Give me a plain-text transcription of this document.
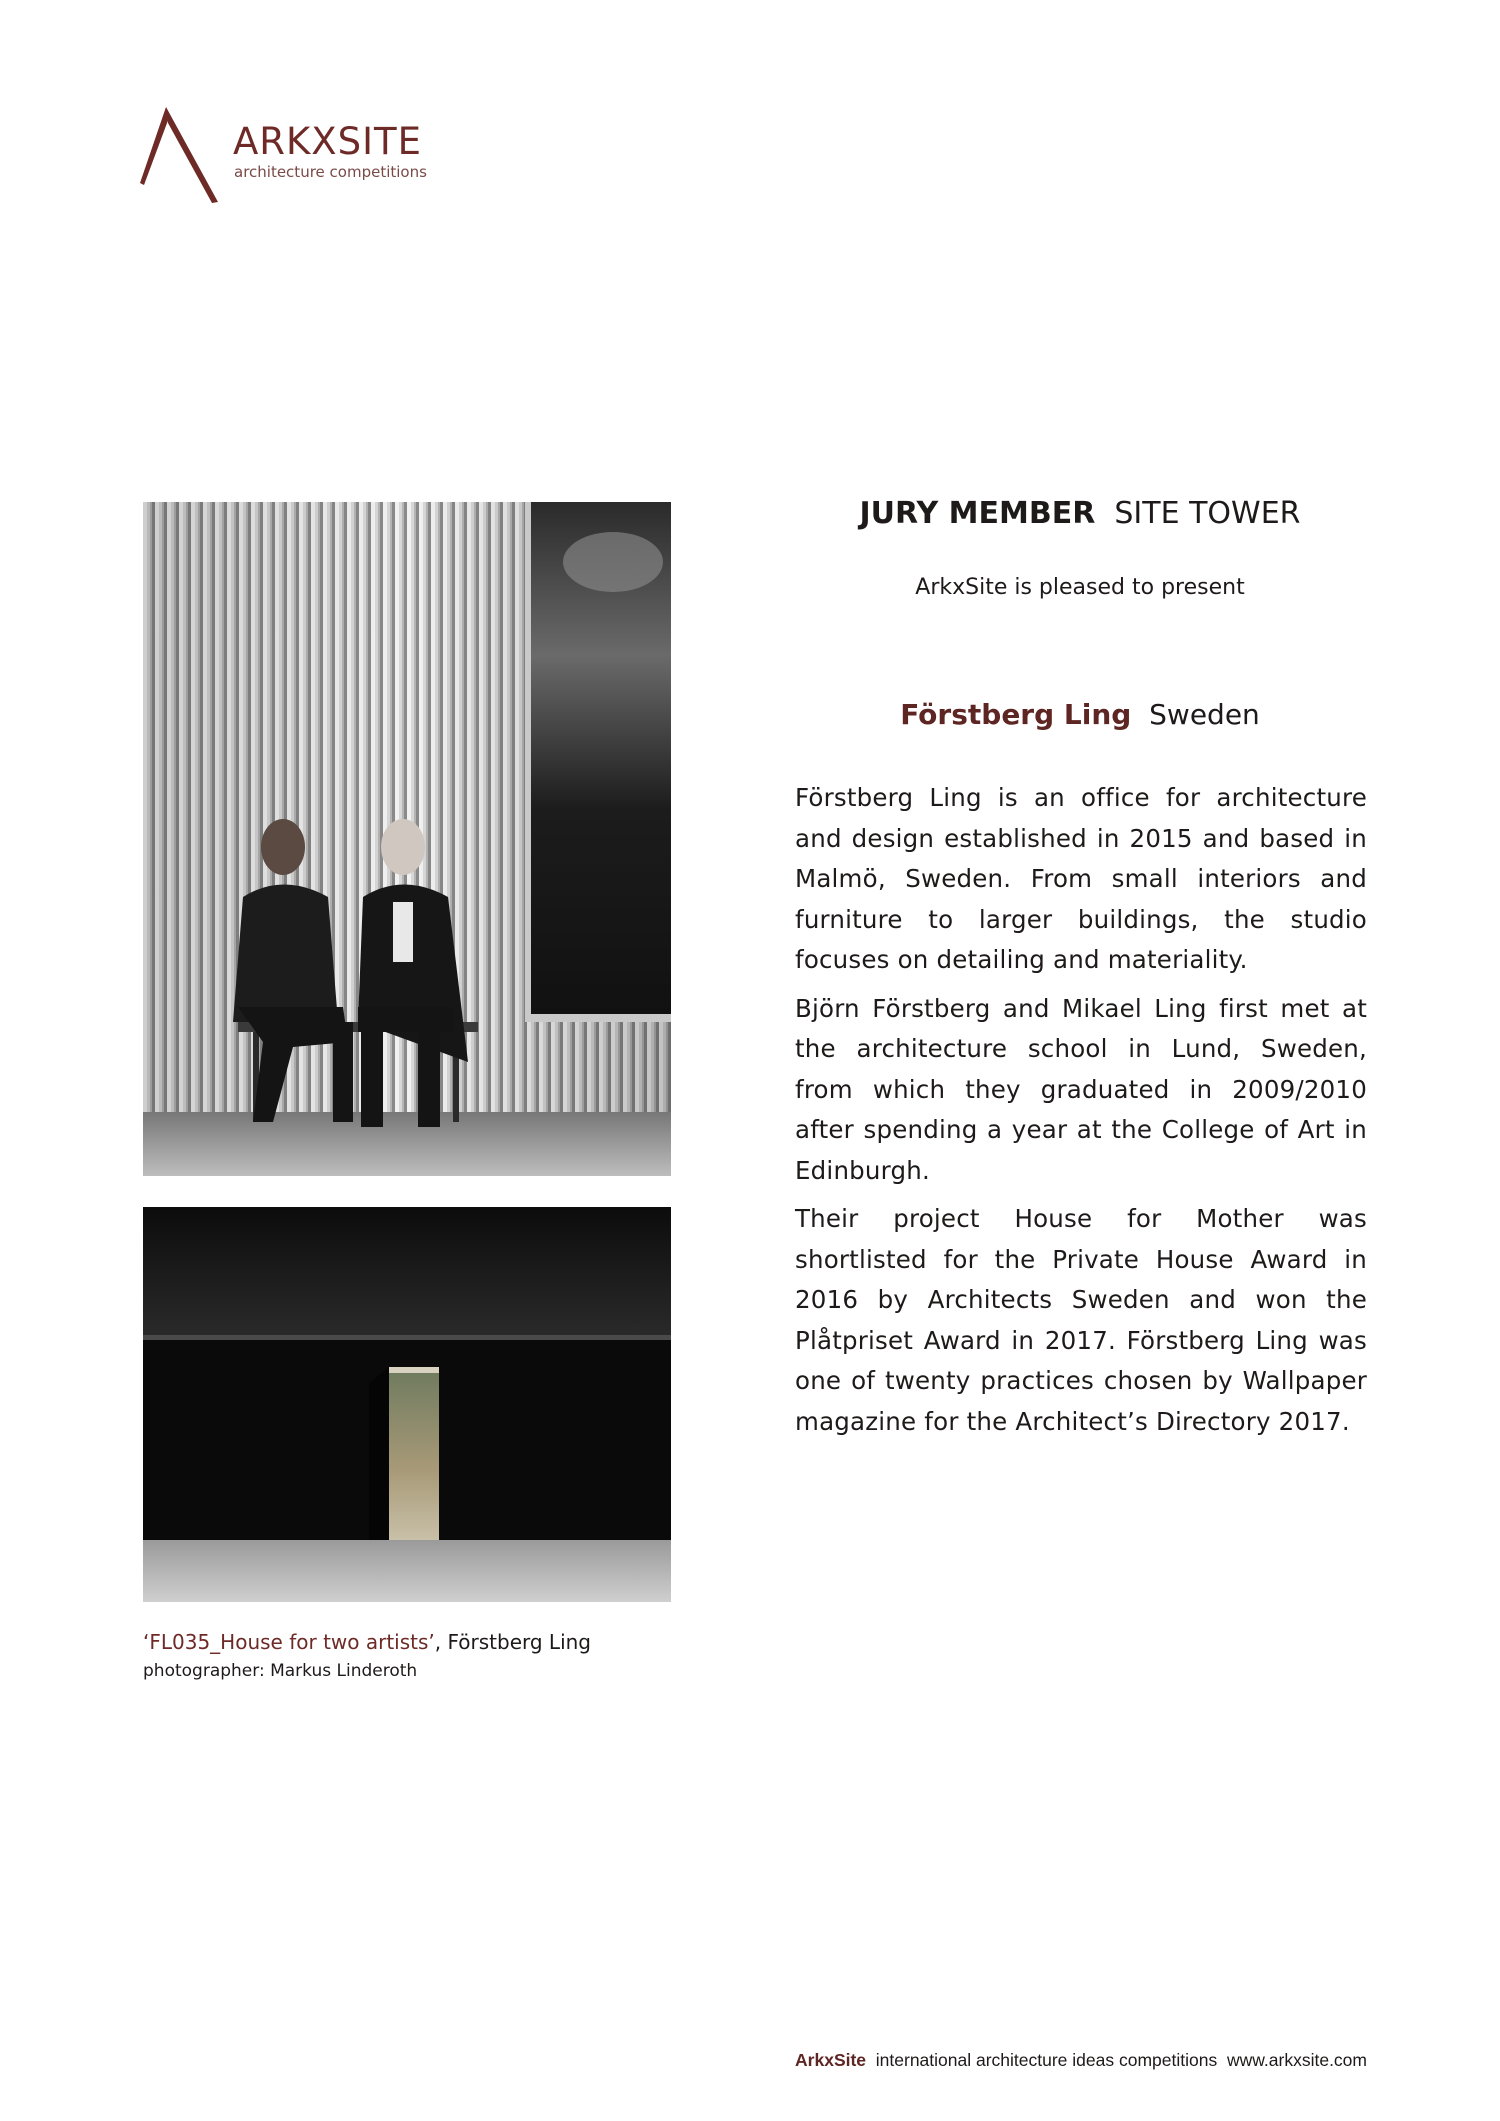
ARKXSITE
architecture competitions
‘FL035_House for two artists’, Förstberg Ling
photographer: Markus Linderoth
JURY MEMBER SITE TOWER
ArkxSite is pleased to present
Förstberg Ling Sweden

Förstberg Ling is an office for architecture and design established in 2015 and based in Malmö, Sweden. From small interiors and furniture to larger buildings, the studio focuses on detailing and materiality.

Björn Förstberg and Mikael Ling first met at the architecture school in Lund, Sweden, from which they graduated in 2009/2010 after spending a year at the College of Art in Edinburgh.

Their project House for Mother was shortlisted for the Private House Award in 2016 by Architects Sweden and won the Plåtpriset Award in 2017. Förstberg Ling was one of twenty practices chosen by Wallpaper magazine for the Architect’s Directory 2017.

ArkxSite international architecture ideas competitions www.arkxsite.com
